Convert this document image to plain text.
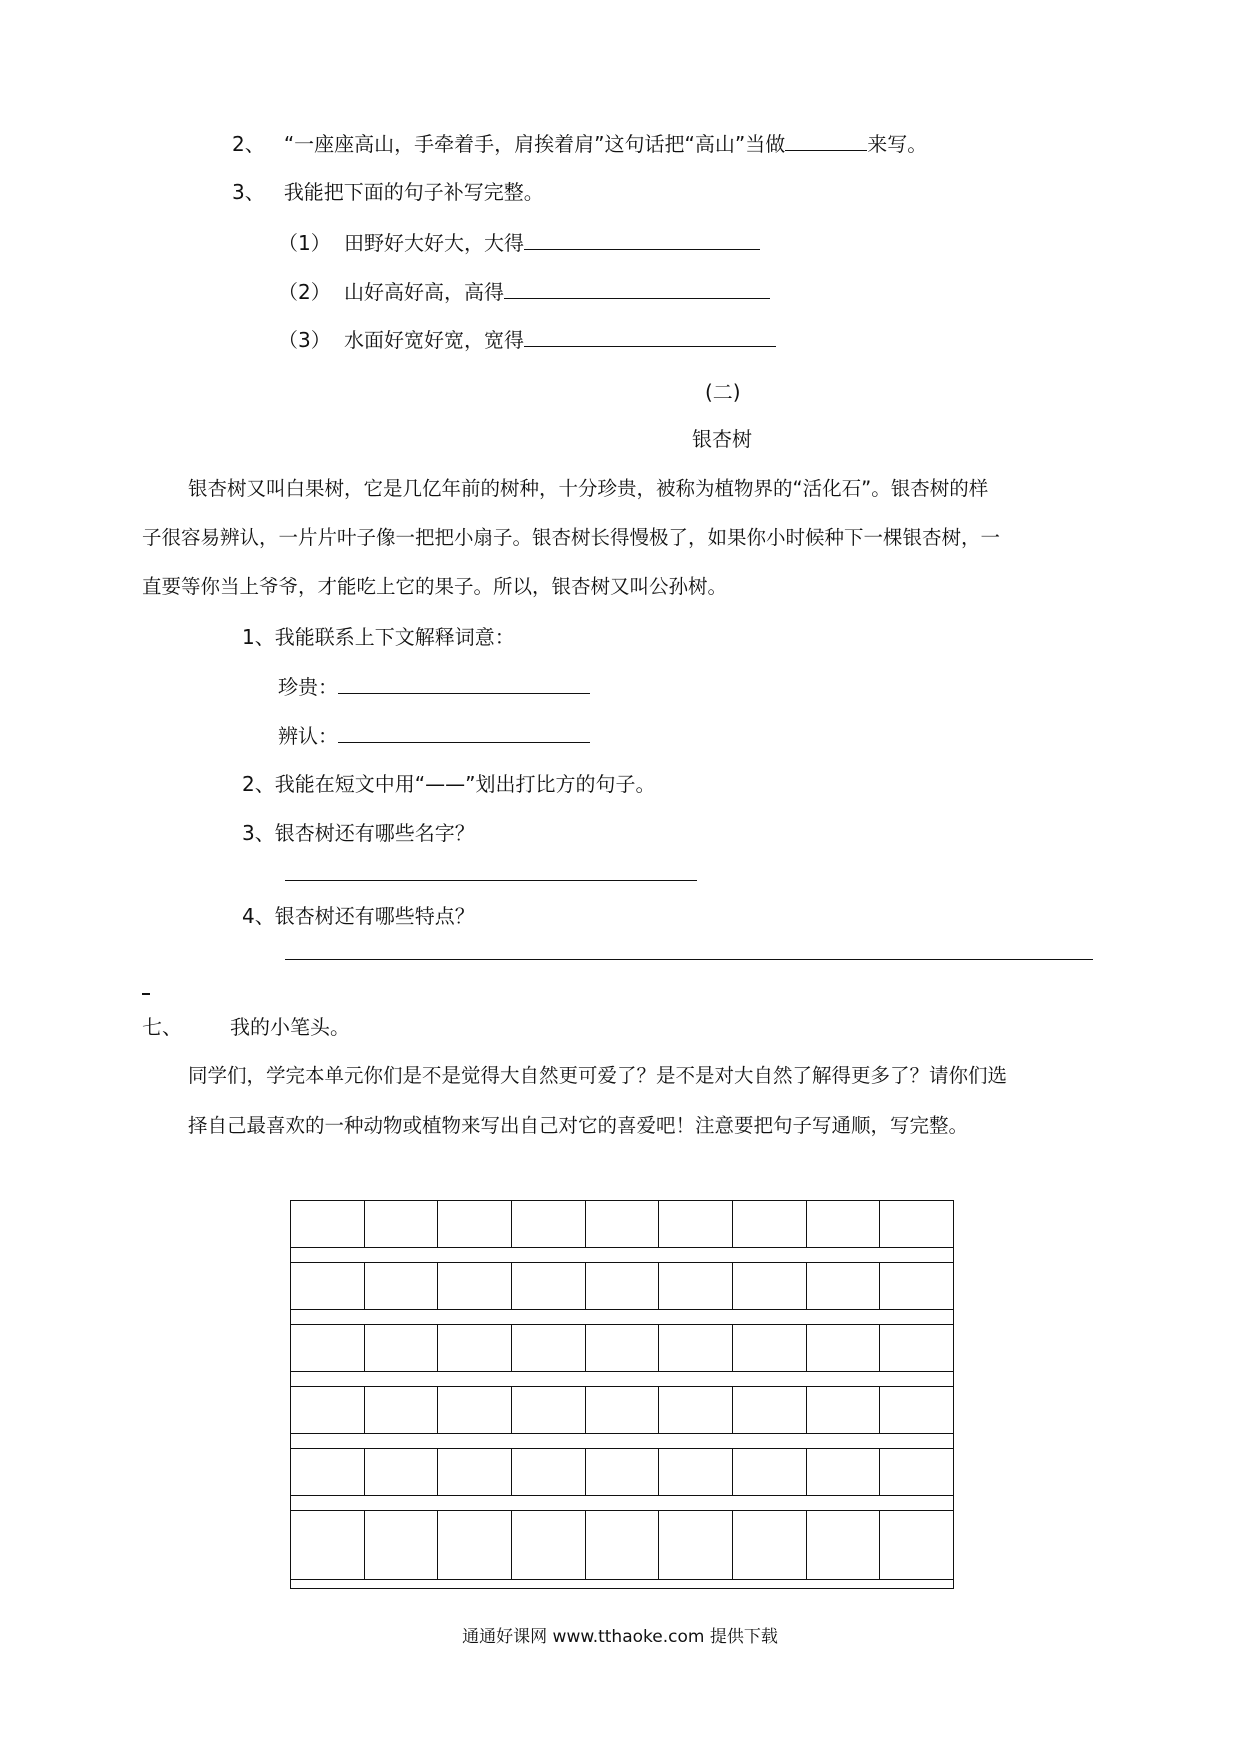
2、 “一座座高山，手牵着手，肩挨着肩”这句话把“高山”当做	来写。
3、 我能把下面的句子补写完整。
（1） 田野好大好大，大得
（2） 山好高好高，高得
（3） 水面好宽好宽，宽得
(二)
银杏树
银杏树又叫白果树，它是几亿年前的树种，十分珍贵，被称为植物界的“活化石”。银杏树的样
子很容易辨认，一片片叶子像一把把小扇子。银杏树长得慢极了，如果你小时候种下一棵银杏树，一
直要等你当上爷爷，才能吃上它的果子。所以，银杏树又叫公孙树。
1、我能联系上下文解释词意：
珍贵：
辨认：
2、我能在短文中用“——”划出打比方的句子。
3、银杏树还有哪些名字？
4、银杏树还有哪些特点？
七、 我的小笔头。
同学们，学完本单元你们是不是觉得大自然更可爱了？是不是对大自然了解得更多了？请你们选
择自己最喜欢的一种动物或植物来写出自己对它的喜爱吧！注意要把句子写通顺，写完整。
通通好课网 www.tthaoke.com 提供下载
